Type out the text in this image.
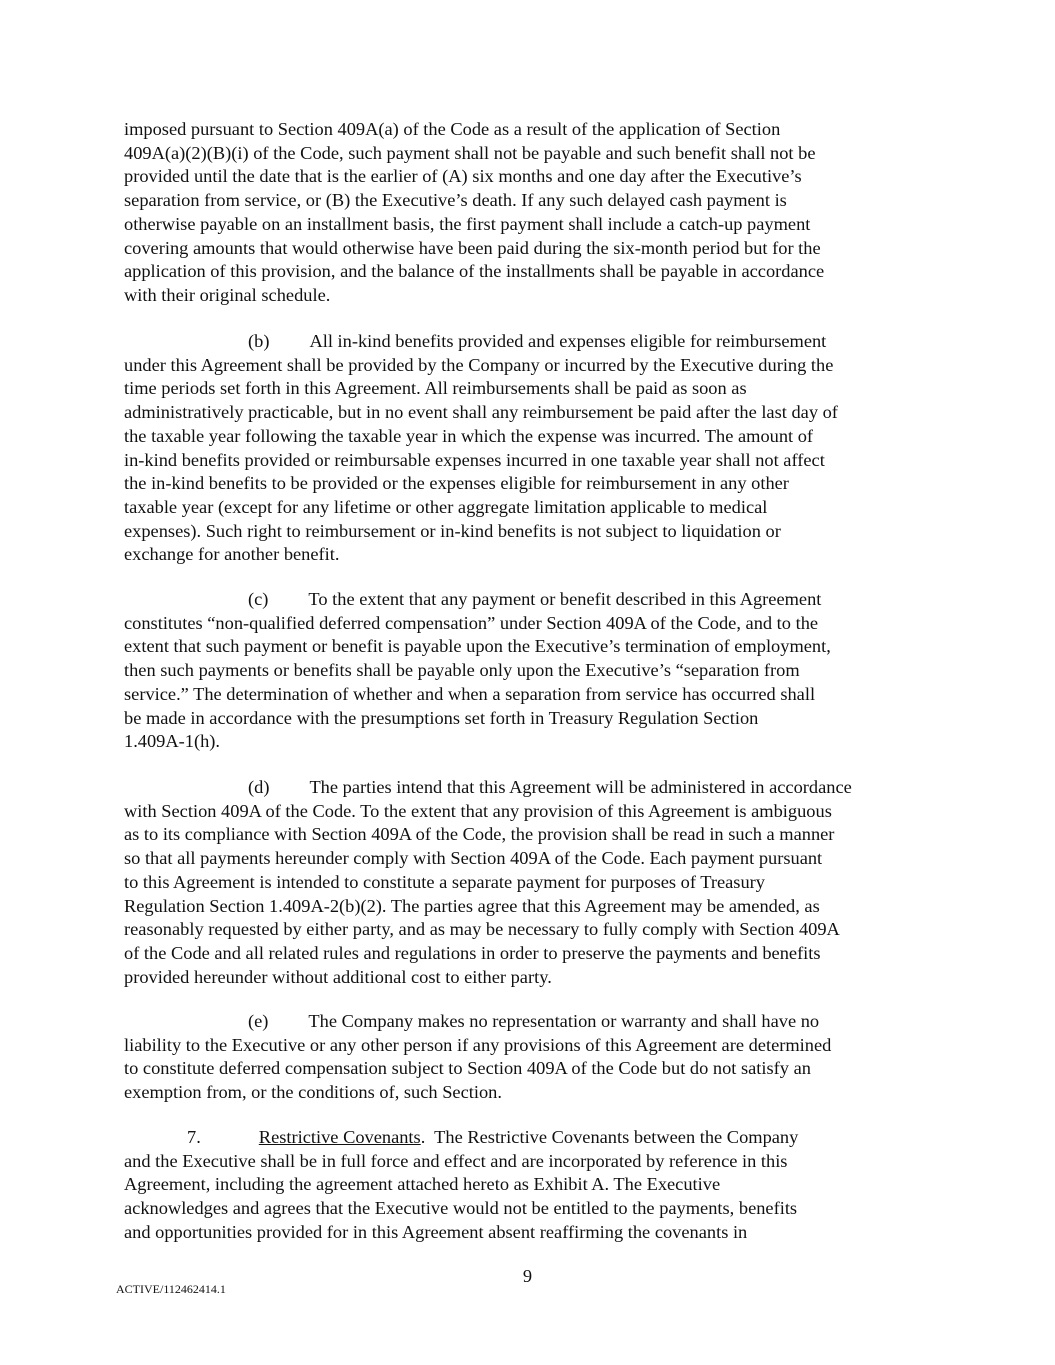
imposed pursuant to Section 409A(a) of the Code as a result of the application of Section
409A(a)(2)(B)(i) of the Code, such payment shall not be payable and such benefit shall not be
provided until the date that is the earlier of (A) six months and one day after the Executive’s
separation from service, or (B) the Executive’s death. If any such delayed cash payment is
otherwise payable on an installment basis, the first payment shall include a catch-up payment
covering amounts that would otherwise have been paid during the six-month period but for the
application of this provision, and the balance of the installments shall be payable in accordance
with their original schedule.
(b) All in-kind benefits provided and expenses eligible for reimbursement
under this Agreement shall be provided by the Company or incurred by the Executive during the
time periods set forth in this Agreement. All reimbursements shall be paid as soon as
administratively practicable, but in no event shall any reimbursement be paid after the last day of
the taxable year following the taxable year in which the expense was incurred. The amount of
in-kind benefits provided or reimbursable expenses incurred in one taxable year shall not affect
the in-kind benefits to be provided or the expenses eligible for reimbursement in any other
taxable year (except for any lifetime or other aggregate limitation applicable to medical
expenses). Such right to reimbursement or in-kind benefits is not subject to liquidation or
exchange for another benefit.
(c) To the extent that any payment or benefit described in this Agreement
constitutes “non-qualified deferred compensation” under Section 409A of the Code, and to the
extent that such payment or benefit is payable upon the Executive’s termination of employment,
then such payments or benefits shall be payable only upon the Executive’s “separation from
service.” The determination of whether and when a separation from service has occurred shall
be made in accordance with the presumptions set forth in Treasury Regulation Section
1.409A-1(h).
(d) The parties intend that this Agreement will be administered in accordance
with Section 409A of the Code. To the extent that any provision of this Agreement is ambiguous
as to its compliance with Section 409A of the Code, the provision shall be read in such a manner
so that all payments hereunder comply with Section 409A of the Code. Each payment pursuant
to this Agreement is intended to constitute a separate payment for purposes of Treasury
Regulation Section 1.409A-2(b)(2). The parties agree that this Agreement may be amended, as
reasonably requested by either party, and as may be necessary to fully comply with Section 409A
of the Code and all related rules and regulations in order to preserve the payments and benefits
provided hereunder without additional cost to either party.
(e) The Company makes no representation or warranty and shall have no
liability to the Executive or any other person if any provisions of this Agreement are determined
to constitute deferred compensation subject to Section 409A of the Code but do not satisfy an
exemption from, or the conditions of, such Section.
7.	Restrictive Covenants.  The Restrictive Covenants between the Company
and the Executive shall be in full force and effect and are incorporated by reference in this
Agreement, including the agreement attached hereto as Exhibit A. The Executive
acknowledges and agrees that the Executive would not be entitled to the payments, benefits
and opportunities provided for in this Agreement absent reaffirming the covenants in
9
ACTIVE/112462414.1
